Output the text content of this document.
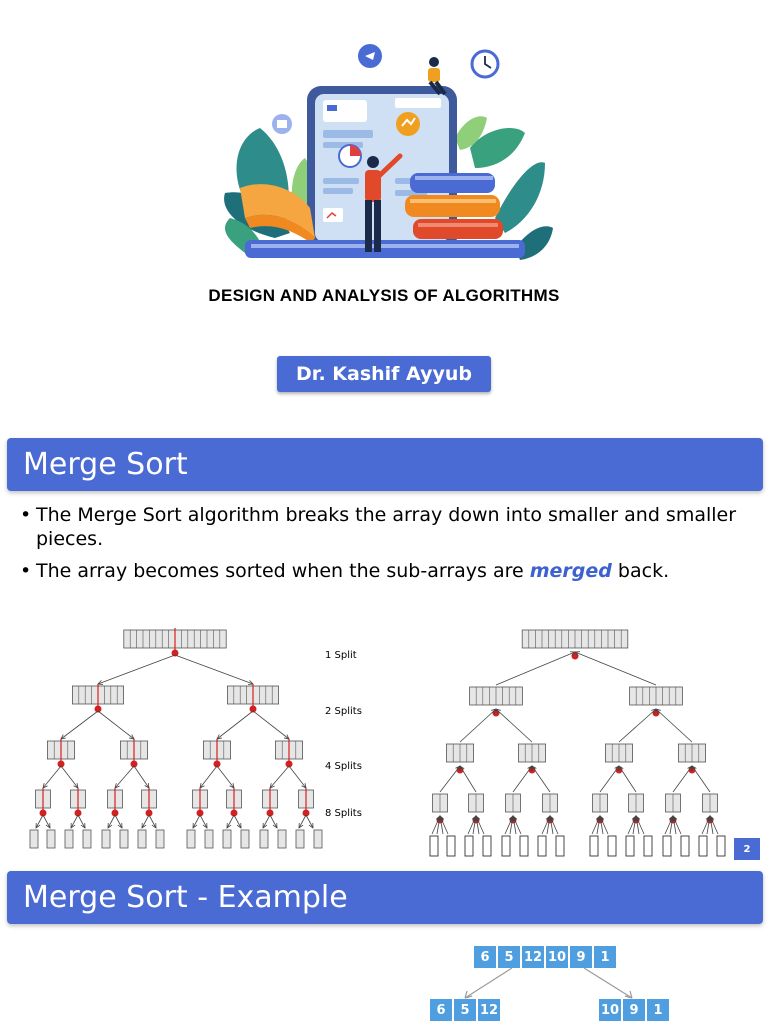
DESIGN AND ANALYSIS OF ALGORITHMS
Dr. Kashif Ayyub
Merge Sort
• The Merge Sort algorithm breaks the array down into smaller and smaller pieces.
• The array becomes sorted when the sub-arrays are merged back.
1 Split
2 Splits
4 Splits
8 Splits
2
Merge Sort - Example
6	5 12 10 9	1
6	5 12	10 9	1
